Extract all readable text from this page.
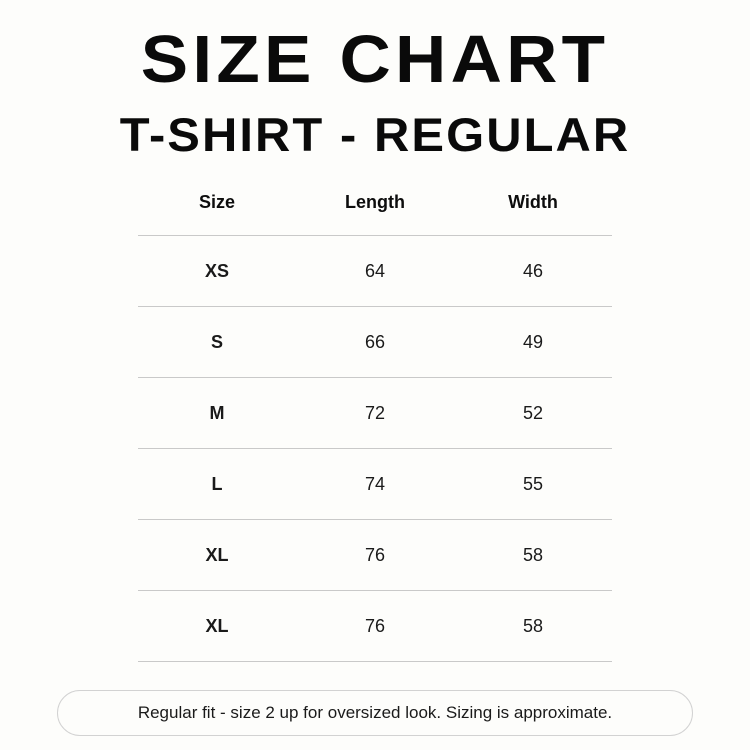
SIZE CHART
T-SHIRT - REGULAR
Size	Length	Width
XS	64	46
S	66	49
M	72	52
L	74	55
XL	76	58
XL	76	58
Regular fit - size 2 up for oversized look. Sizing is approximate.
